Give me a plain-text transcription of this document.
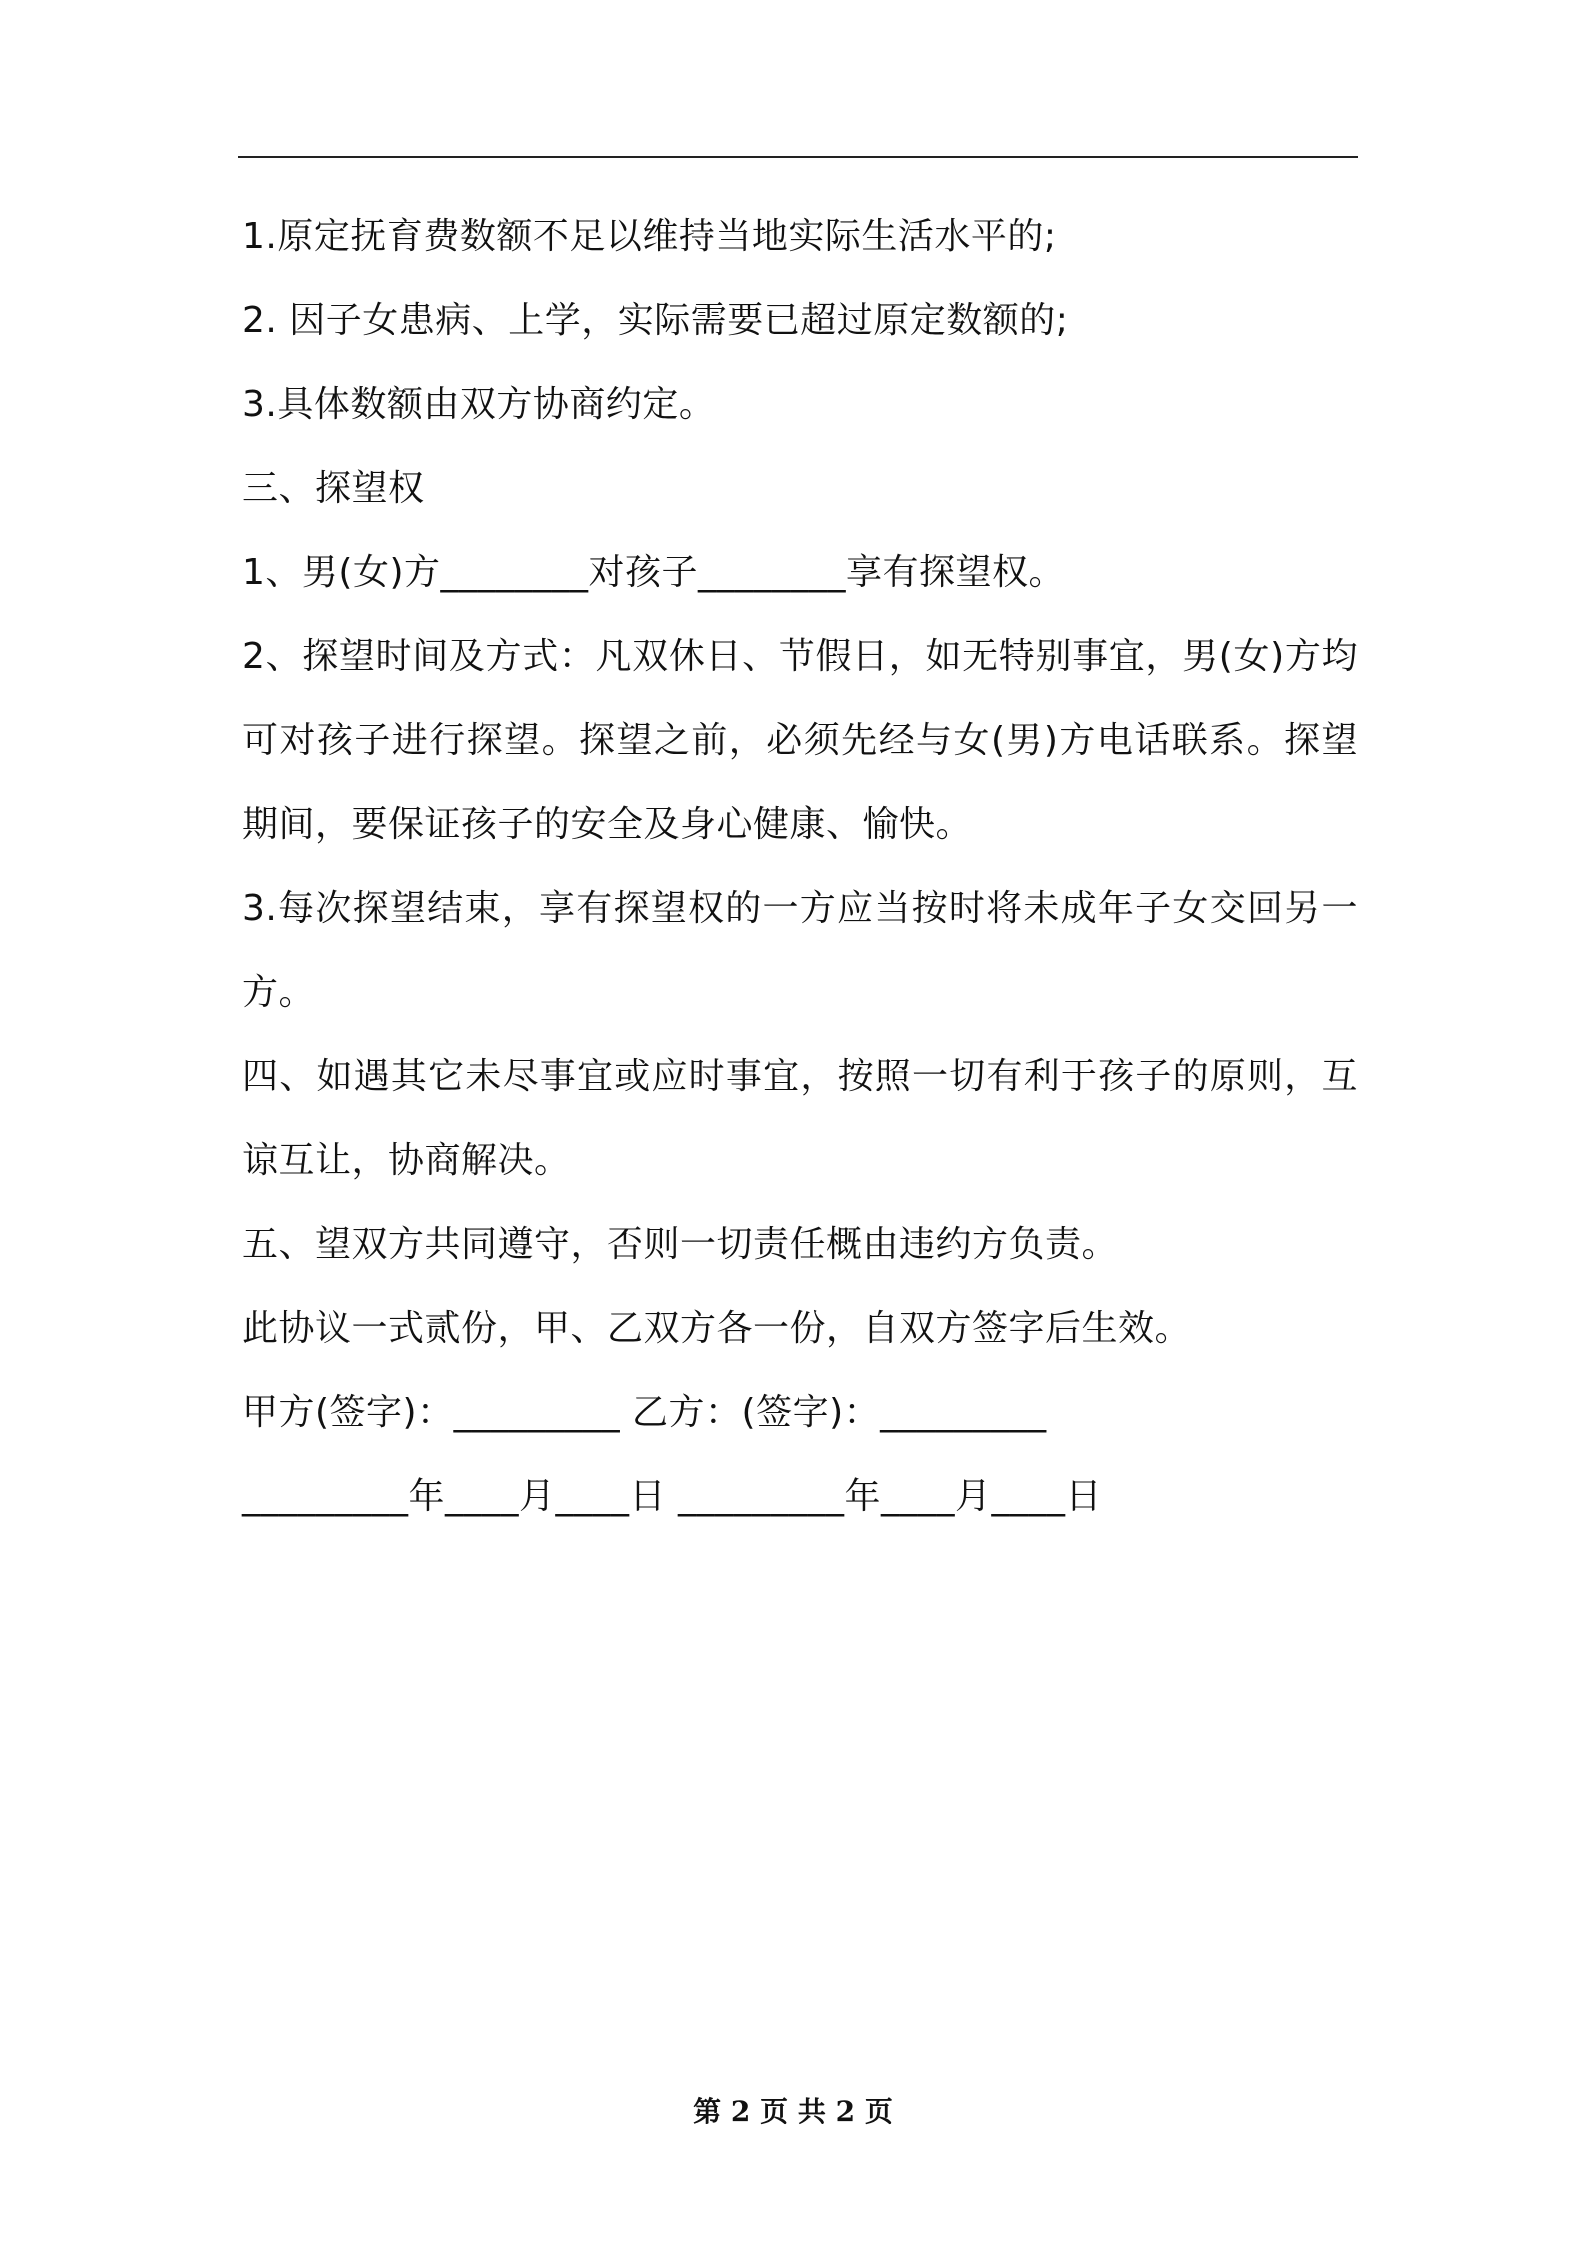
1.原定抚育费数额不足以维持当地实际生活水平的;
2. 因子女患病、上学，实际需要已超过原定数额的;
3.具体数额由双方协商约定。
三、探望权
1、男(女)方________对孩子________享有探望权。
2、探望时间及方式：凡双休日、节假日，如无特别事宜，男(女)方均可对孩子进行探望。探望之前，必须先经与女(男)方电话联系。探望期间，要保证孩子的安全及身心健康、愉快。
3.每次探望结束，享有探望权的一方应当按时将未成年子女交回另一方。
四、如遇其它未尽事宜或应时事宜，按照一切有利于孩子的原则，互谅互让，协商解决。
五、望双方共同遵守，否则一切责任概由违约方负责。
此协议一式贰份，甲、乙双方各一份，自双方签字后生效。
甲方(签字)：_________ 乙方：(签字)：_________
_________年____月____日 _________年____月____日
第 2 页 共 2 页
